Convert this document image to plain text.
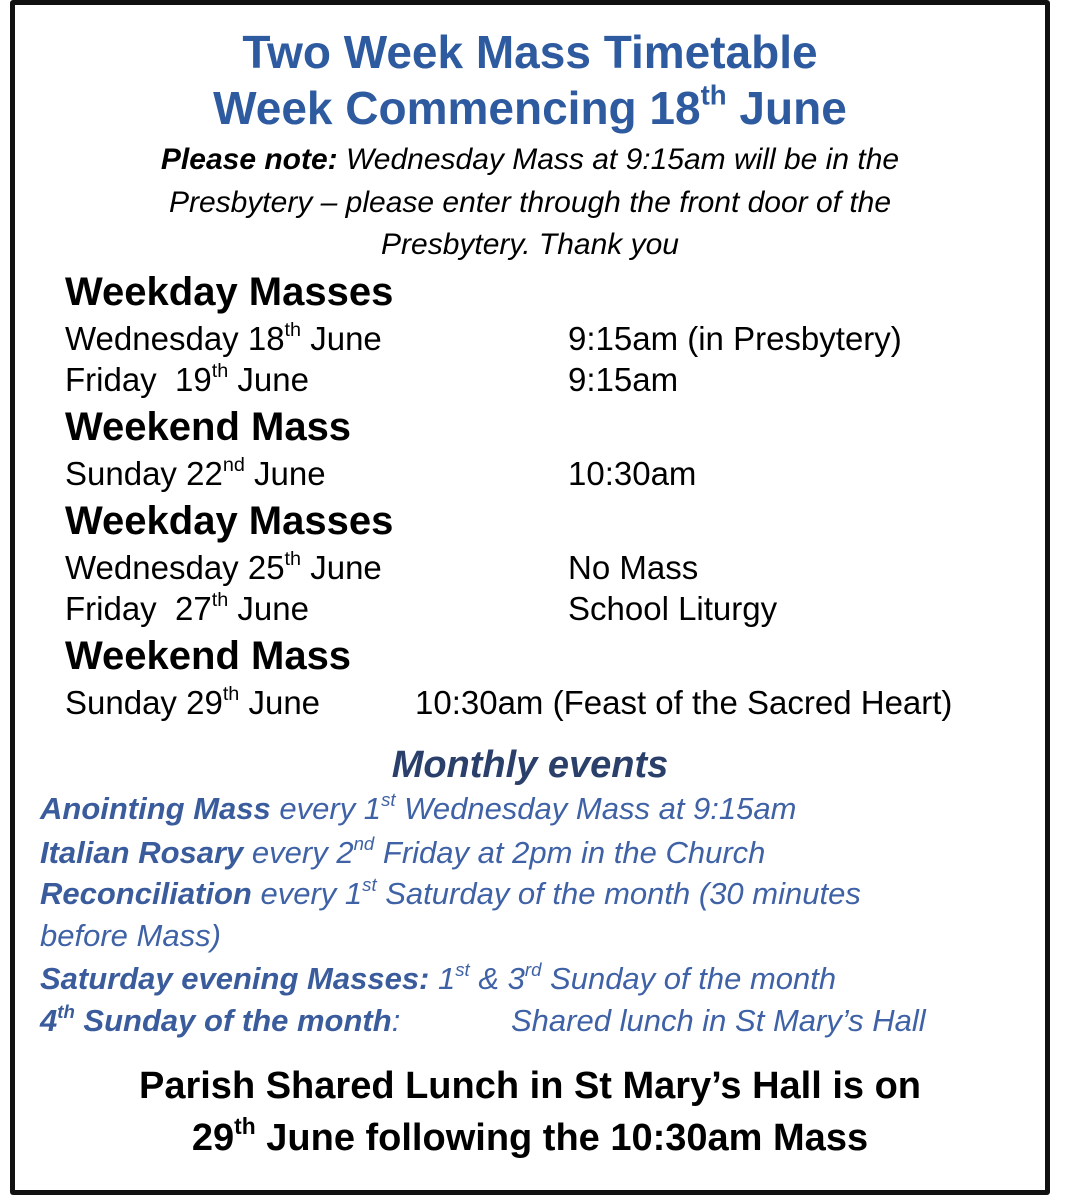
Two Week Mass Timetable
Week Commencing 18th June
Please note: Wednesday Mass at 9:15am will be in the
Presbytery – please enter through the front door of the
Presbytery. Thank you
Weekday Masses
Wednesday 18th June	9:15am (in Presbytery)
Friday  19th June	9:15am
Weekend Mass
Sunday 22nd June	10:30am
Weekday Masses
Wednesday 25th June	No Mass
Friday  27th June	School Liturgy
Weekend Mass
Sunday 29th June	10:30am (Feast of the Sacred Heart)
Monthly events
Anointing Mass every 1st Wednesday Mass at 9:15am
Italian Rosary every 2nd Friday at 2pm in the Church
Reconciliation every 1st Saturday of the month (30 minutes
before Mass)
Saturday evening Masses: 1st & 3rd Sunday of the month
4th Sunday of the month:	Shared lunch in St Mary’s Hall
Parish Shared Lunch in St Mary’s Hall is on
29th June following the 10:30am Mass
